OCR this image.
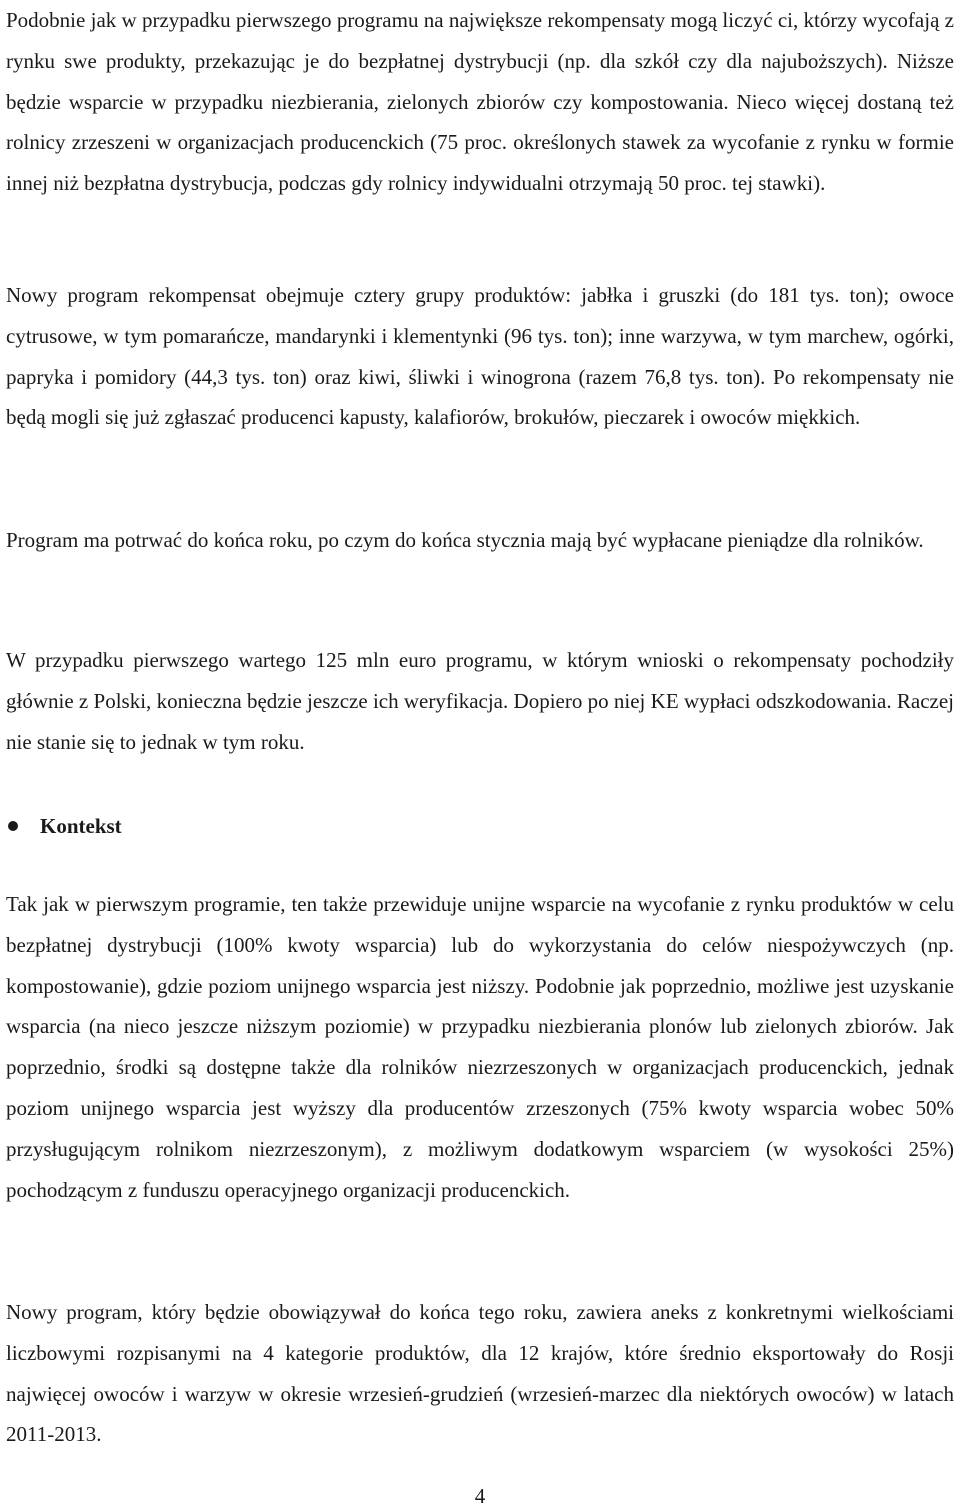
Podobnie jak w przypadku pierwszego programu na największe rekompensaty mogą liczyć ci, którzy wycofają z rynku swe produkty, przekazując je do bezpłatnej dystrybucji (np. dla szkół czy dla najuboższych). Niższe będzie wsparcie w przypadku niezbierania, zielonych zbiorów czy kompostowania. Nieco więcej dostaną też rolnicy zrzeszeni w organizacjach producenckich (75 proc. określonych stawek za wycofanie z rynku w formie innej niż bezpłatna dystrybucja, podczas gdy rolnicy indywidualni otrzymają 50 proc. tej stawki).

Nowy program rekompensat obejmuje cztery grupy produktów: jabłka i gruszki (do 181 tys. ton); owoce cytrusowe, w tym pomarańcze, mandarynki i klementynki (96 tys. ton); inne warzywa, w tym marchew, ogórki, papryka i pomidory (44,3 tys. ton) oraz kiwi, śliwki i winogrona (razem 76,8 tys. ton). Po rekompensaty nie będą mogli się już zgłaszać producenci kapusty, kalafiorów, brokułów, pieczarek i owoców miękkich.

Program ma potrwać do końca roku, po czym do końca stycznia mają być wypłacane pieniądze dla rolników.

W przypadku pierwszego wartego 125 mln euro programu, w którym wnioski o rekompensaty pochodziły głównie z Polski, konieczna będzie jeszcze ich weryfikacja. Dopiero po niej KE wypłaci odszkodowania. Raczej nie stanie się to jednak w tym roku.

Kontekst

Tak jak w pierwszym programie, ten także przewiduje unijne wsparcie na wycofanie z rynku produktów w celu bezpłatnej dystrybucji (100% kwoty wsparcia) lub do wykorzystania do celów niespożywczych (np. kompostowanie), gdzie poziom unijnego wsparcia jest niższy. Podobnie jak poprzednio, możliwe jest uzyskanie wsparcia (na nieco jeszcze niższym poziomie) w przypadku niezbierania plonów lub zielonych zbiorów. Jak poprzednio, środki są dostępne także dla rolników niezrzeszonych w organizacjach producenckich, jednak poziom unijnego wsparcia jest wyższy dla producentów zrzeszonych (75% kwoty wsparcia wobec 50% przysługującym rolnikom niezrzeszonym), z możliwym dodatkowym wsparciem (w wysokości 25%) pochodzącym z funduszu operacyjnego organizacji producenckich.

Nowy program, który będzie obowiązywał do końca tego roku, zawiera aneks z konkretnymi wielkościami liczbowymi rozpisanymi na 4 kategorie produktów, dla 12 krajów, które średnio eksportowały do Rosji najwięcej owoców i warzyw w okresie wrzesień-grudzień (wrzesień-marzec dla niektórych owoców) w latach 2011-2013.

4
